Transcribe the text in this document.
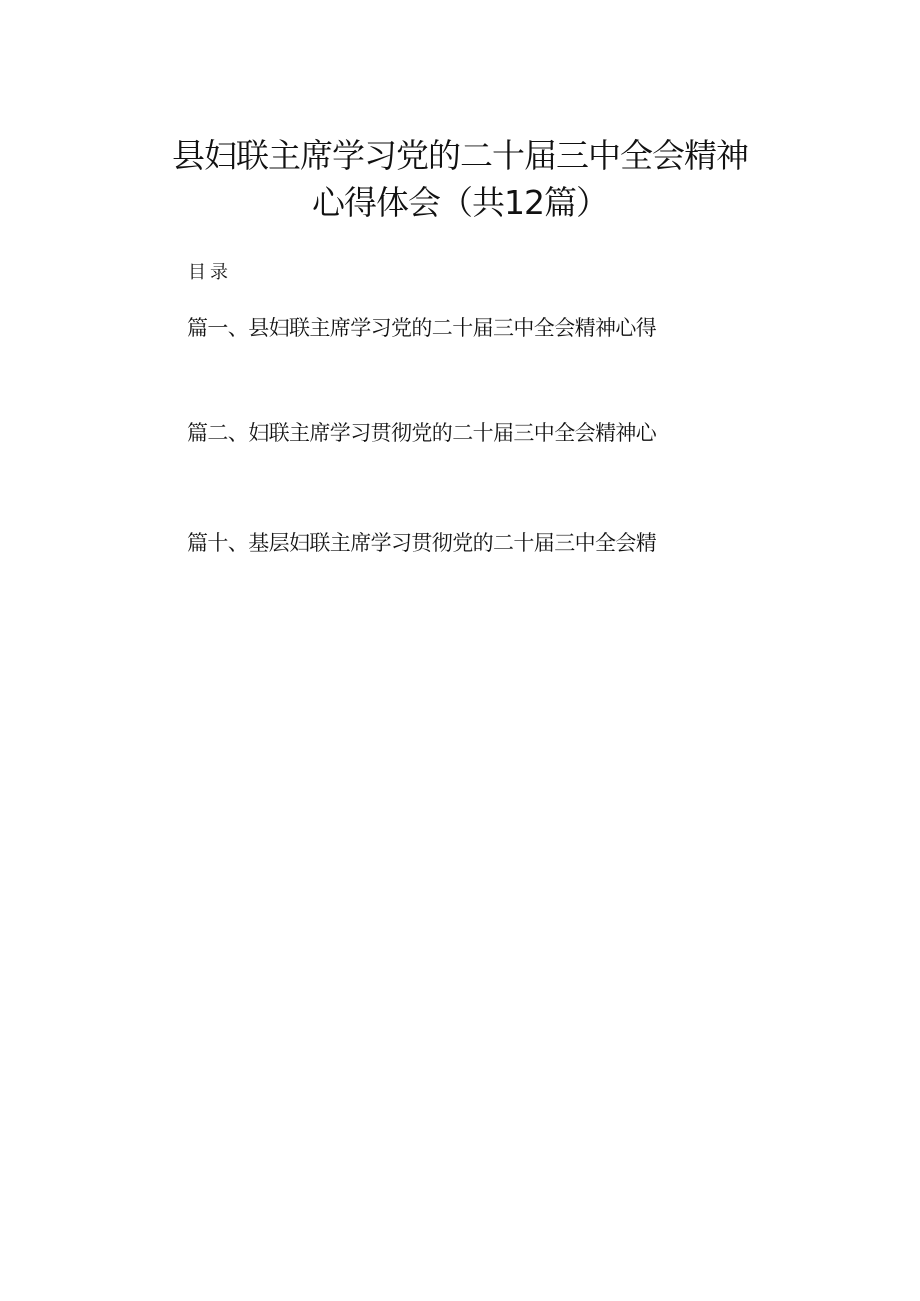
县妇联主席学习党的二十届三中全会精神
心得体会（共12篇）
目录
篇一、县妇联主席学习党的二十届三中全会精神心得
篇二、妇联主席学习贯彻党的二十届三中全会精神心
篇十、基层妇联主席学习贯彻党的二十届三中全会精
